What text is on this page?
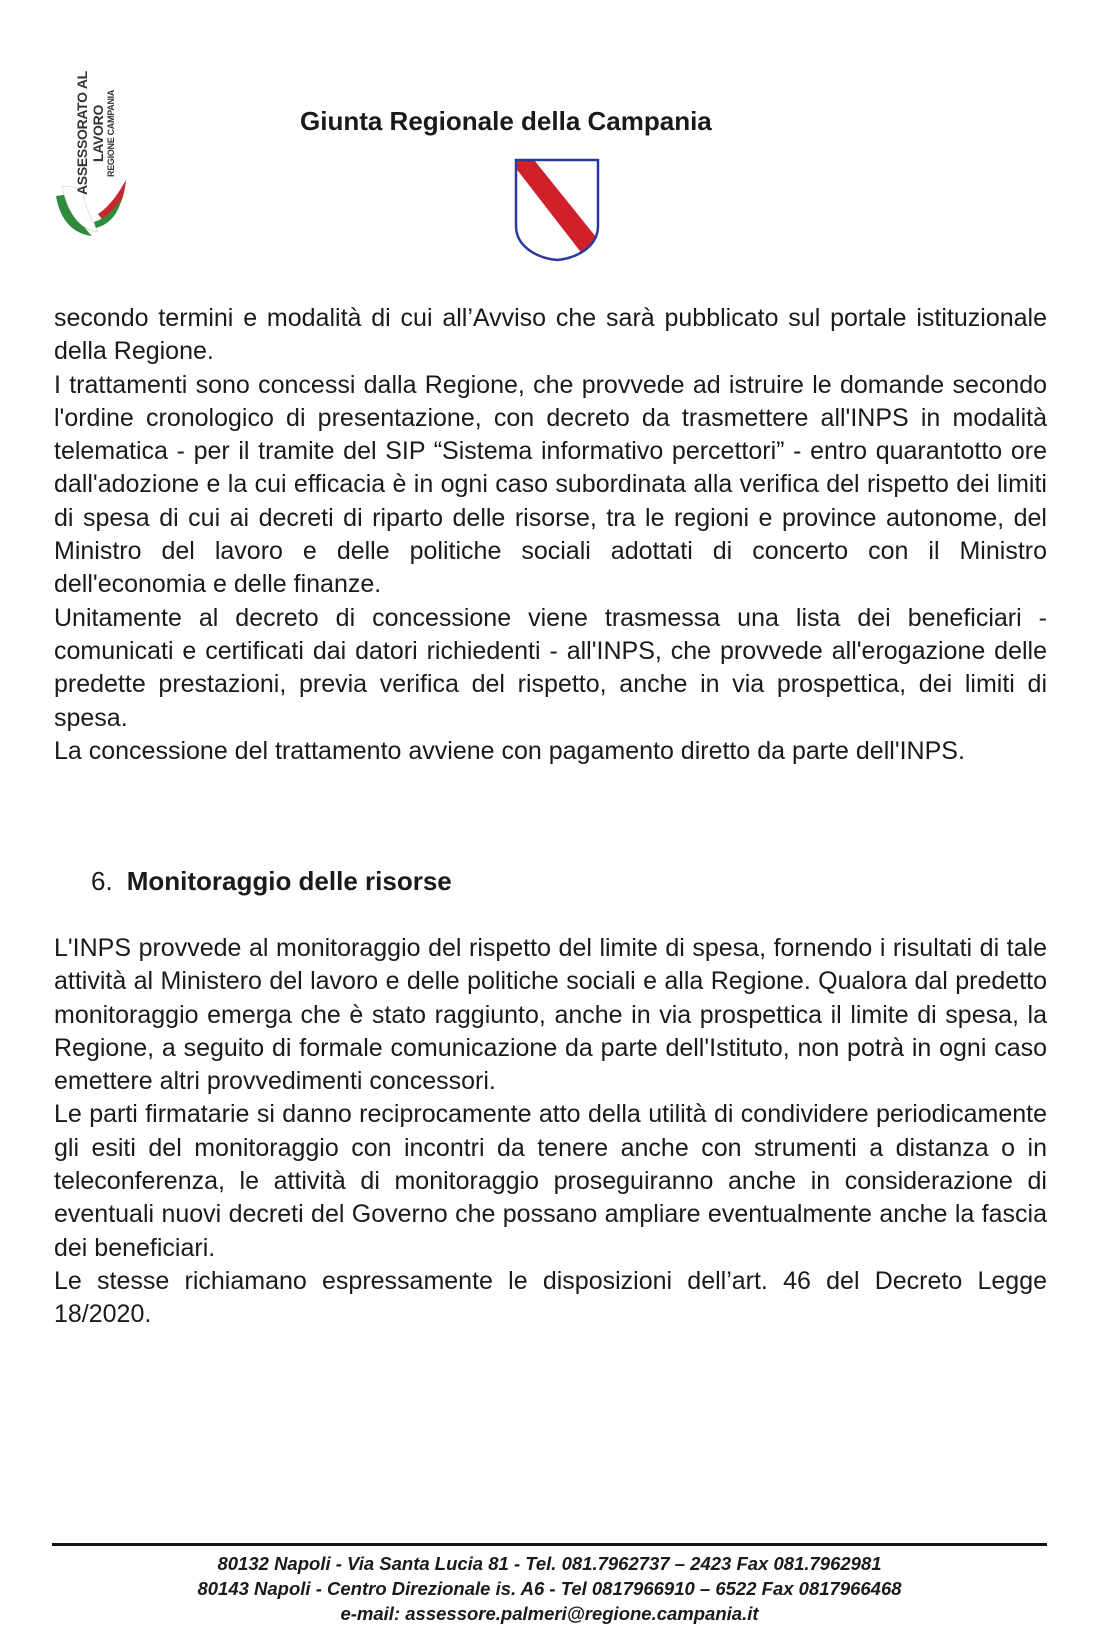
ASSESSORATO AL LAVORO REGIONE CAMPANIA	Giunta Regionale della Campania

secondo termini e modalità di cui all’Avviso che sarà pubblicato sul portale istituzionale della Regione.

I trattamenti sono concessi dalla Regione, che provvede ad istruire le domande secondo l'ordine cronologico di presentazione, con decreto da trasmettere all'INPS in modalità telematica - per il tramite del SIP “Sistema informativo percettori” - entro quarantotto ore dall'adozione e la cui efficacia è in ogni caso subordinata alla verifica del rispetto dei limiti di spesa di cui ai decreti di riparto delle risorse, tra le regioni e province autonome, del Ministro del lavoro e delle politiche sociali adottati di concerto con il Ministro dell'economia e delle finanze.

Unitamente al decreto di concessione viene trasmessa una lista dei beneficiari - comunicati e certificati dai datori richiedenti - all'INPS, che provvede all'erogazione delle predette prestazioni, previa verifica del rispetto, anche in via prospettica, dei limiti di spesa.

La concessione del trattamento avviene con pagamento diretto da parte dell'INPS.

6. Monitoraggio delle risorse

L'INPS provvede al monitoraggio del rispetto del limite di spesa, fornendo i risultati di tale attività al Ministero del lavoro e delle politiche sociali e alla Regione. Qualora dal predetto monitoraggio emerga che è stato raggiunto, anche in via prospettica il limite di spesa, la Regione, a seguito di formale comunicazione da parte dell'Istituto, non potrà in ogni caso emettere altri provvedimenti concessori.

Le parti firmatarie si danno reciprocamente atto della utilità di condividere periodicamente gli esiti del monitoraggio con incontri da tenere anche con strumenti a distanza o in teleconferenza, le attività di monitoraggio proseguiranno anche in considerazione di eventuali nuovi decreti del Governo che possano ampliare eventualmente anche la fascia dei beneficiari.

Le stesse richiamano espressamente le disposizioni dell’art. 46 del Decreto Legge 18/2020.

80132 Napoli - Via Santa Lucia 81 - Tel. 081.7962737 – 2423 Fax 081.7962981
80143 Napoli - Centro Direzionale is. A6 - Tel 0817966910 – 6522 Fax 0817966468
e-mail: assessore.palmeri@regione.campania.it
